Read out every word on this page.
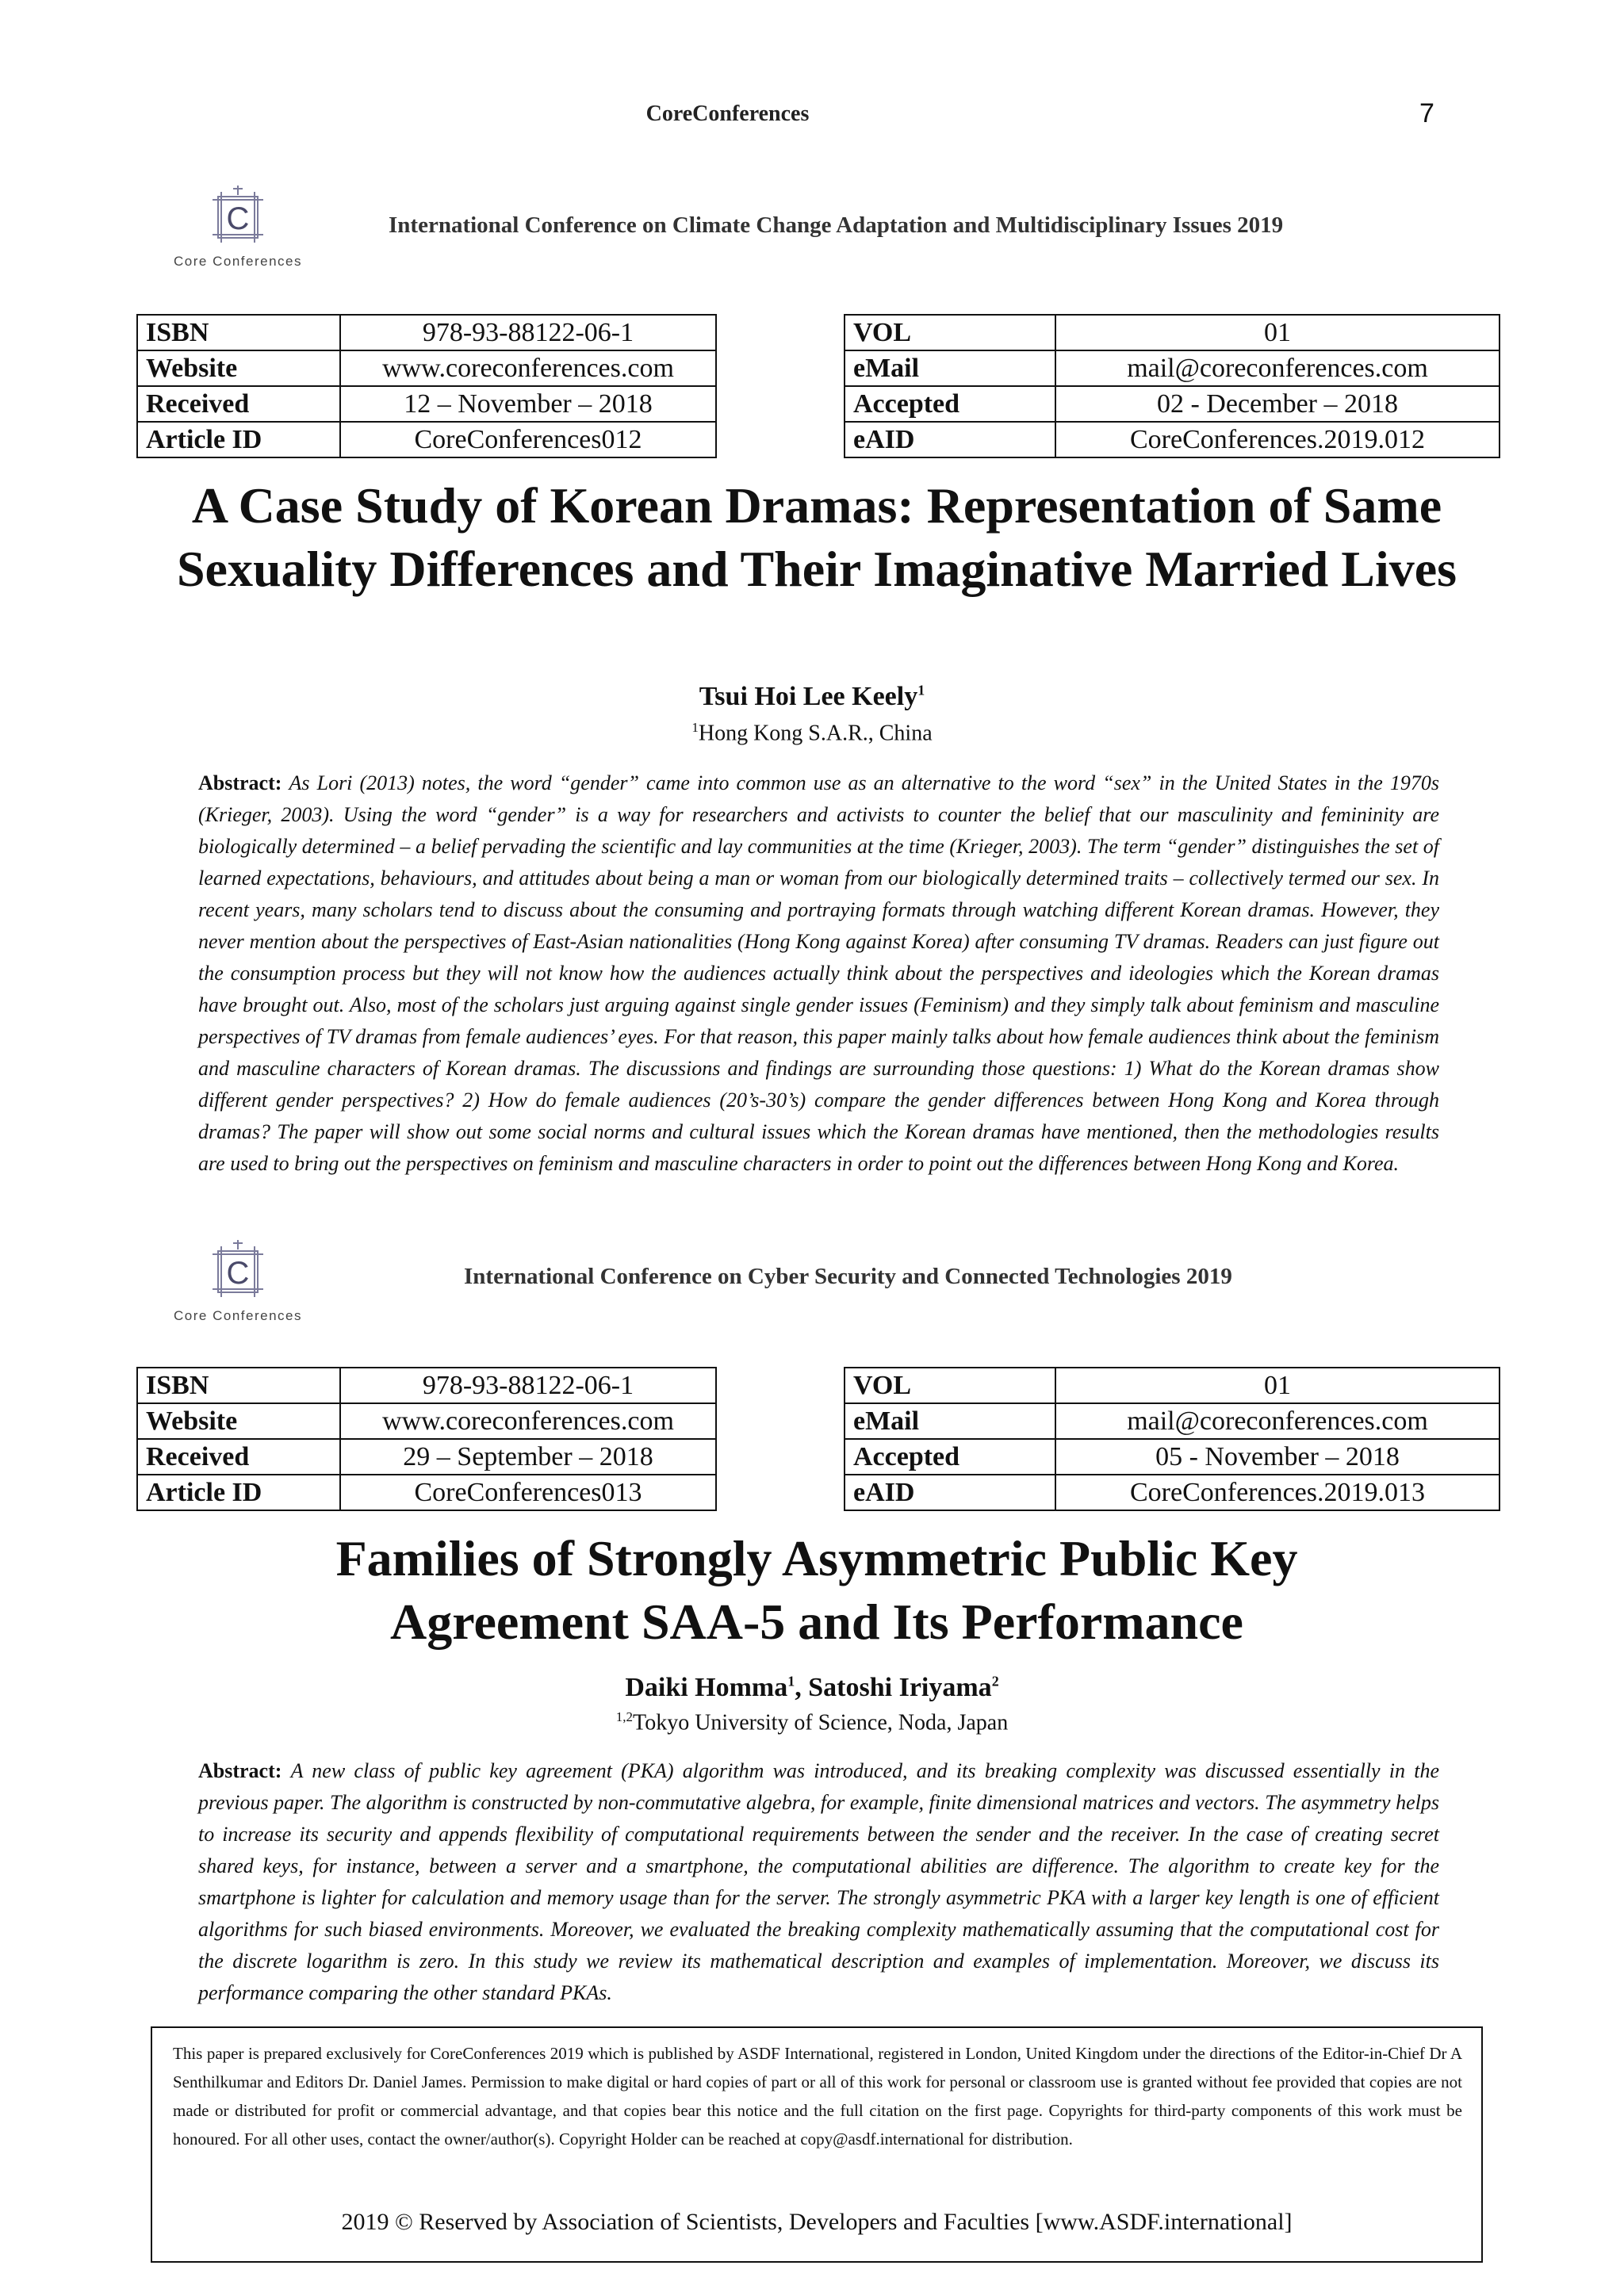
CoreConferences	7
C
Core Conferences
International Conference on Climate Change Adaptation and Multidisciplinary Issues 2019
ISBN	978-93-88122-06-1
Website	www.coreconferences.com
Received	12 – November – 2018
Article ID	CoreConferences012
VOL	01
eMail	mail@coreconferences.com
Accepted	02 - December – 2018
eAID	CoreConferences.2019.012
A Case Study of Korean Dramas: Representation of Same Sexuality Differences and Their Imaginative Married Lives
Tsui Hoi Lee Keely$^1$
$^1$Hong Kong S.A.R., China
Abstract: As Lori (2013) notes, the word “gender” came into common use as an alternative to the word “sex” in the United States in the 1970s (Krieger, 2003). Using the word “gender” is a way for researchers and activists to counter the belief that our masculinity and femininity are biologically determined – a belief pervading the scientific and lay communities at the time (Krieger, 2003). The term “gender” distinguishes the set of learned expectations, behaviours, and attitudes about being a man or woman from our biologically determined traits – collectively termed our sex. In recent years, many scholars tend to discuss about the consuming and portraying formats through watching different Korean dramas. However, they never mention about the perspectives of East-Asian nationalities (Hong Kong against Korea) after consuming TV dramas. Readers can just figure out the consumption process but they will not know how the audiences actually think about the perspectives and ideologies which the Korean dramas have brought out. Also, most of the scholars just arguing against single gender issues (Feminism) and they simply talk about feminism and masculine perspectives of TV dramas from female audiences’ eyes. For that reason, this paper mainly talks about how female audiences think about the feminism and masculine characters of Korean dramas. The discussions and findings are surrounding those questions: 1) What do the Korean dramas show different gender perspectives? 2) How do female audiences (20’s-30’s) compare the gender differences between Hong Kong and Korea through dramas? The paper will show out some social norms and cultural issues which the Korean dramas have mentioned, then the methodologies results are used to bring out the perspectives on feminism and masculine characters in order to point out the differences between Hong Kong and Korea.
C
Core Conferences
International Conference on Cyber Security and Connected Technologies 2019
ISBN	978-93-88122-06-1
Website	www.coreconferences.com
Received	29 – September – 2018
Article ID	CoreConferences013
VOL	01
eMail	mail@coreconferences.com
Accepted	05 - November – 2018
eAID	CoreConferences.2019.013
Families of Strongly Asymmetric Public Key Agreement SAA-5 and Its Performance
Daiki Homma$^1$, Satoshi Iriyama$^2$
$^{1,2}$Tokyo University of Science, Noda, Japan
Abstract: A new class of public key agreement (PKA) algorithm was introduced, and its breaking complexity was discussed essentially in the previous paper. The algorithm is constructed by non-commutative algebra, for example, finite dimensional matrices and vectors. The asymmetry helps to increase its security and appends flexibility of computational requirements between the sender and the receiver. In the case of creating secret shared keys, for instance, between a server and a smartphone, the computational abilities are difference. The algorithm to create key for the smartphone is lighter for calculation and memory usage than for the server. The strongly asymmetric PKA with a larger key length is one of efficient algorithms for such biased environments. Moreover, we evaluated the breaking complexity mathematically assuming that the computational cost for the discrete logarithm is zero. In this study we review its mathematical description and examples of implementation. Moreover, we discuss its performance comparing the other standard PKAs.
This paper is prepared exclusively for CoreConferences 2019 which is published by ASDF International, registered in London, United Kingdom under the directions of the Editor-in-Chief Dr A Senthilkumar and Editors Dr. Daniel James. Permission to make digital or hard copies of part or all of this work for personal or classroom use is granted without fee provided that copies are not made or distributed for profit or commercial advantage, and that copies bear this notice and the full citation on the first page. Copyrights for third-party components of this work must be honoured. For all other uses, contact the owner/author(s). Copyright Holder can be reached at copy@asdf.international for distribution.
2019 © Reserved by Association of Scientists, Developers and Faculties [www.ASDF.international]
